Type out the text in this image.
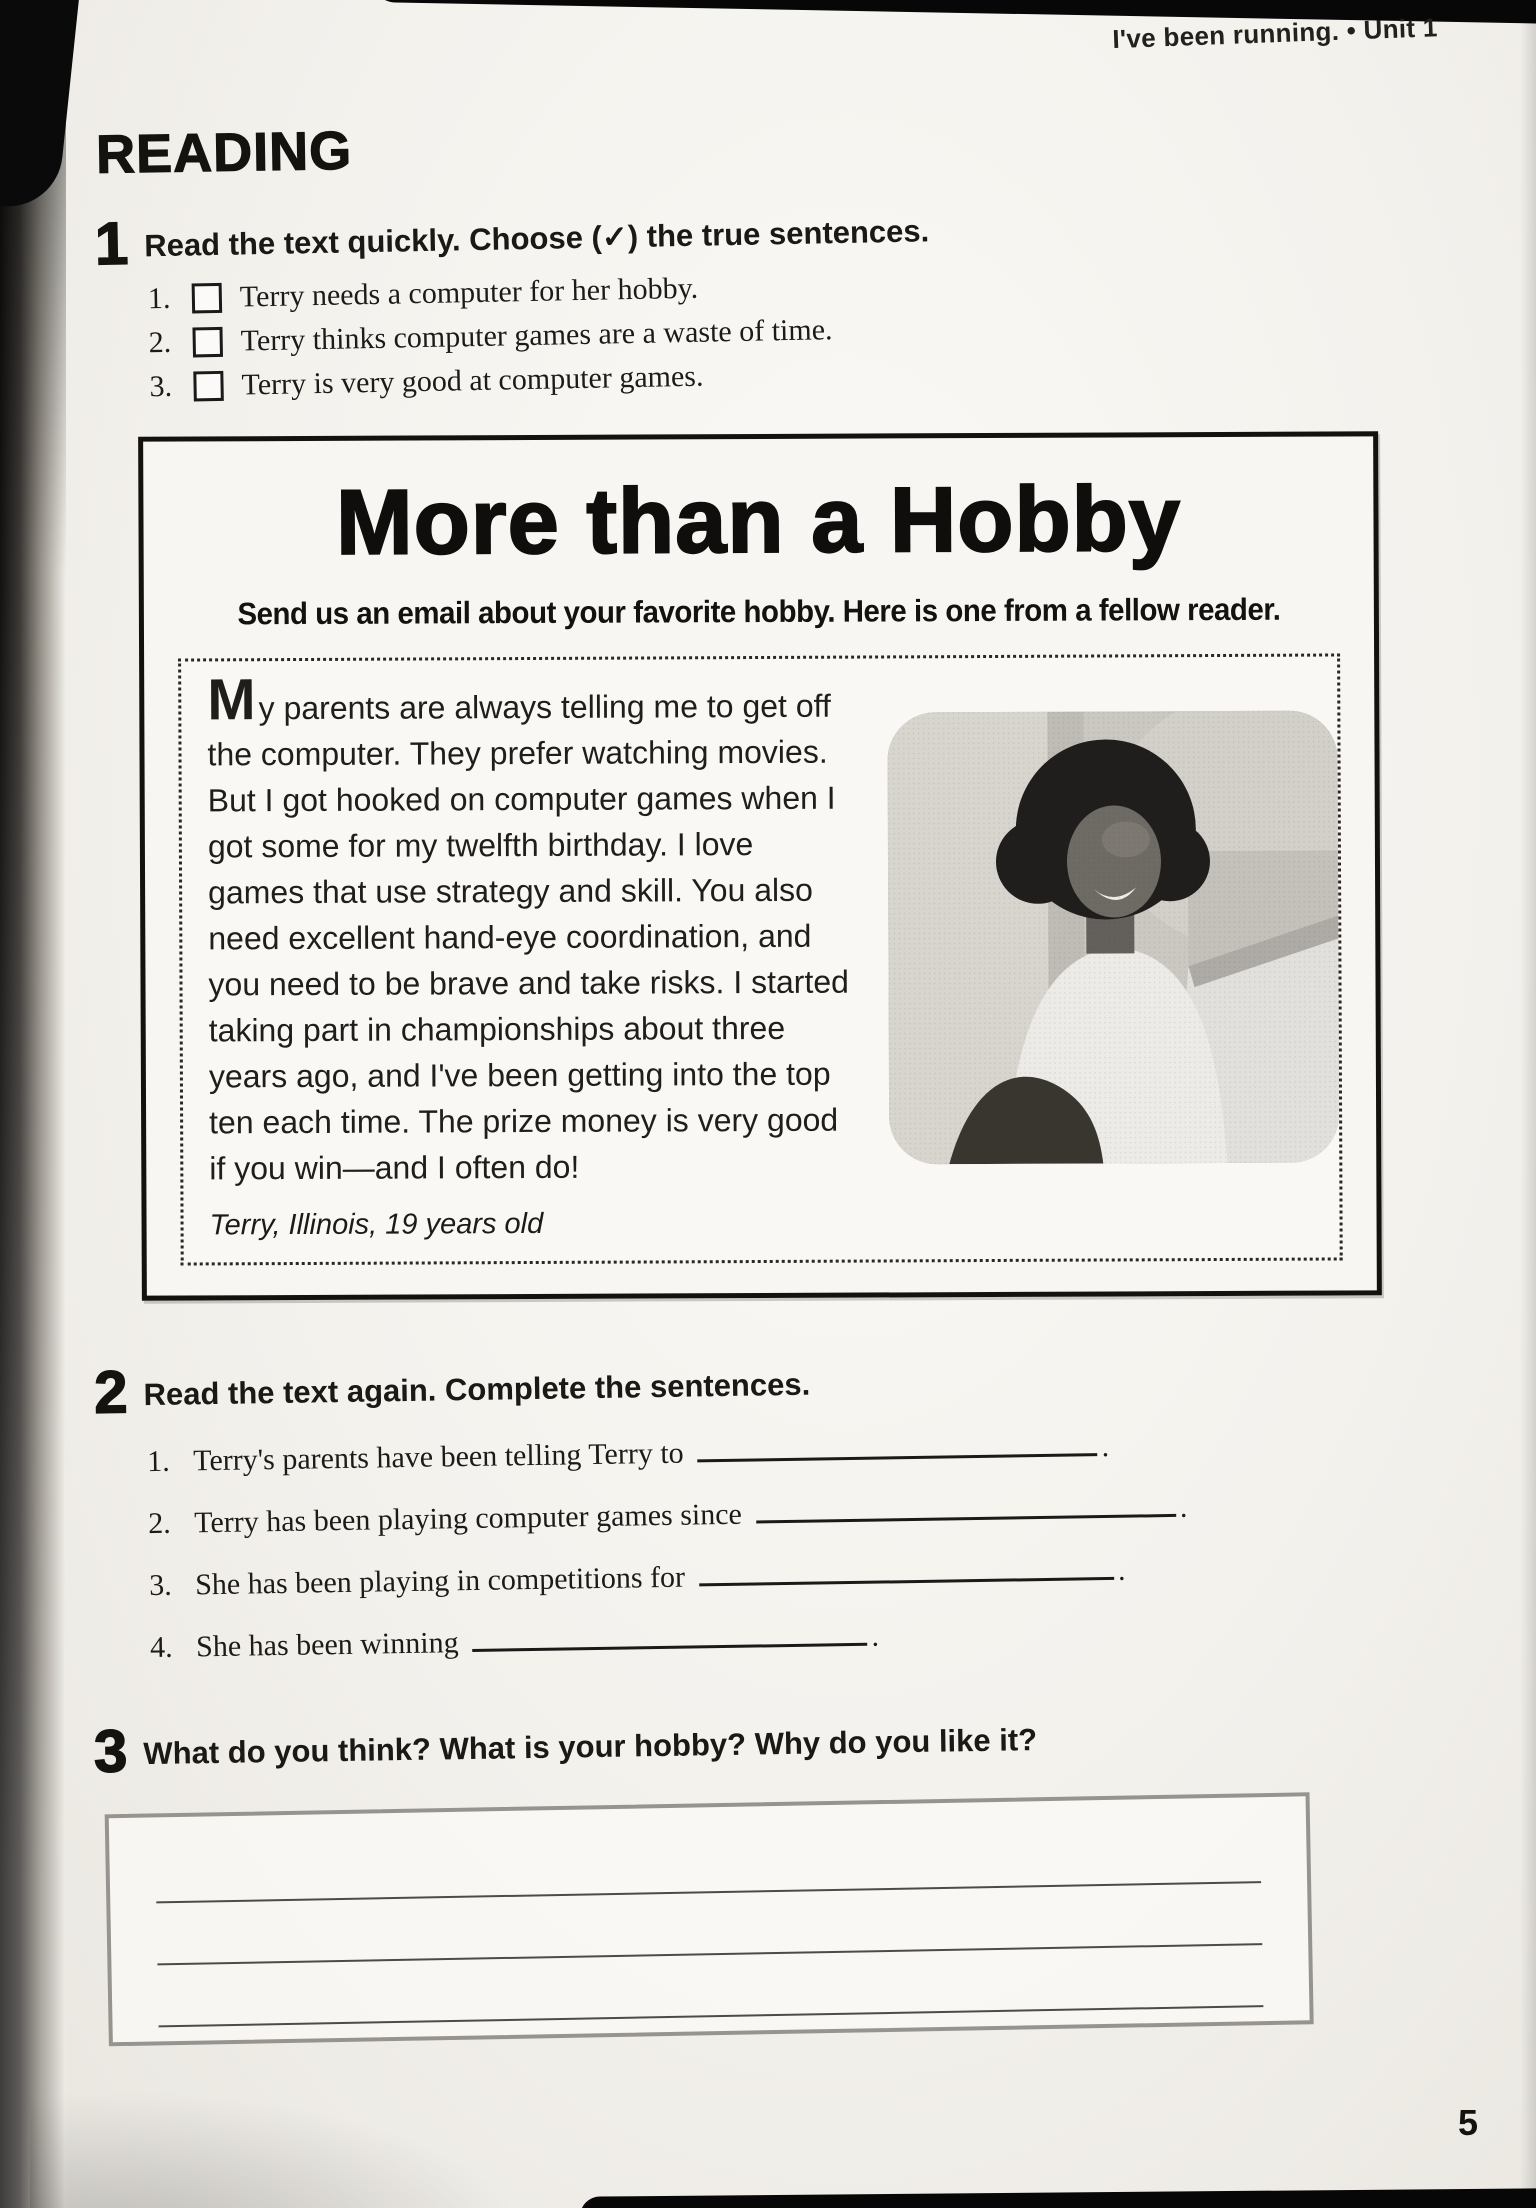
I've been running. • Unit 1
READING
1 Read the text quickly. Choose (✓) the true sentences.
1.	Terry needs a computer for her hobby.
2.	Terry thinks computer games are a waste of time.
3.	Terry is very good at computer games.
More than a Hobby

Send us an email about your favorite hobby. Here is one from a fellow reader.

My parents are always telling me to get off the computer. They prefer watching movies. But I got hooked on computer games when I got some for my twelfth birthday. I love games that use strategy and skill. You also need excellent hand-eye coordination, and you need to be brave and take risks. I started taking part in championships about three years ago, and I've been getting into the top ten each time. The prize money is very good if you win—and I often do!

Terry, Illinois, 19 years old

2 Read the text again. Complete the sentences.
1. Terry's parents have been telling Terry to	.
2. Terry has been playing computer games since	.
3. She has been playing in competitions for	.
4. She has been winning	.
3 What do you think? What is your hobby? Why do you like it?
5
